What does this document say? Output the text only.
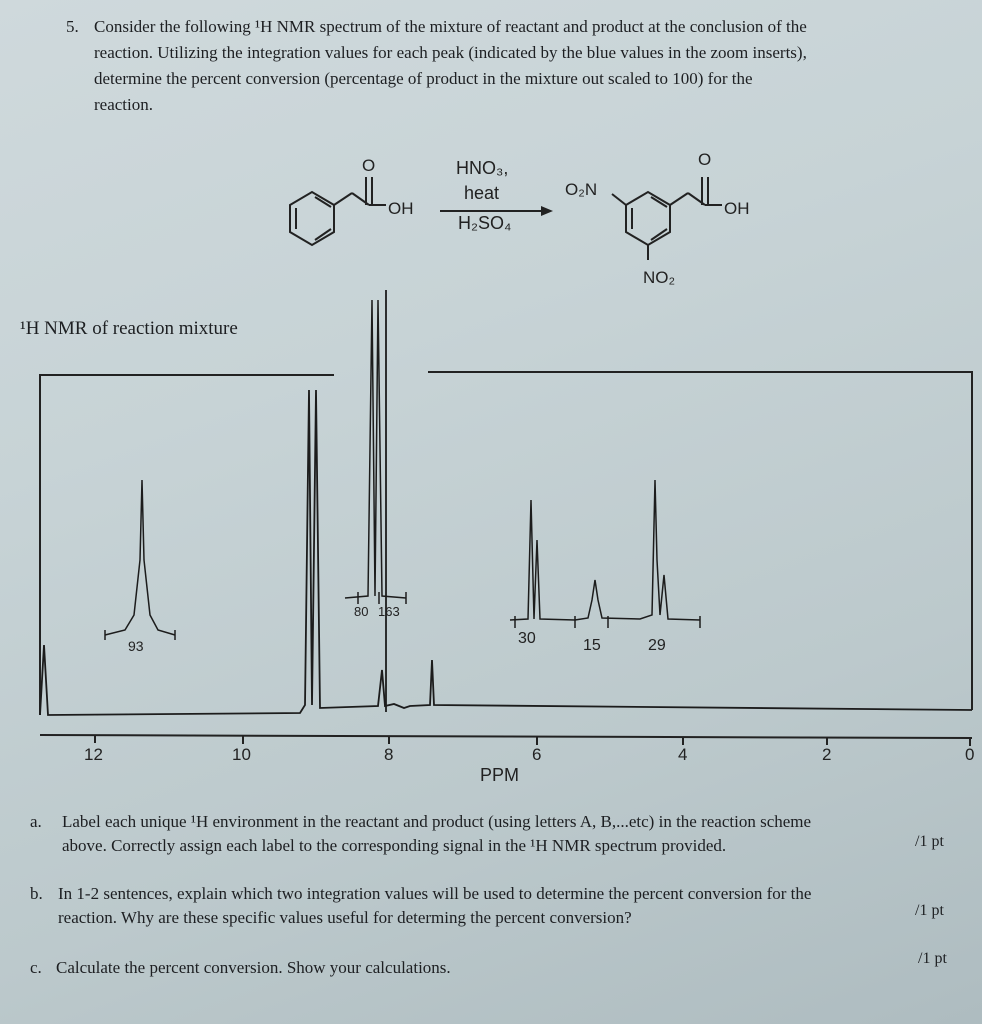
5. Consider the following ¹H NMR spectrum of the mixture of reactant and product at the conclusion of the
reaction. Utilizing the integration values for each peak (indicated by the blue values in the zoom inserts),
determine the percent conversion (percentage of product in the mixture out scaled to 100) for the
reaction.
O
OH
HNO₃,
heat
H₂SO₄
O
OH
O₂N
NO₂
93
80 163
30	15	29
12	10	8	6	4	2	0
PPM
¹H NMR of reaction mixture
a. Label each unique ¹H environment in the reactant and product (using letters A, B,...etc) in the reaction scheme
above. Correctly assign each label to the corresponding signal in the ¹H NMR spectrum provided.	/1 pt
b. In 1-2 sentences, explain which two integration values will be used to determine the percent conversion for the
reaction. Why are these specific values useful for determing the percent conversion?	/1 pt
c. Calculate the percent conversion. Show your calculations.	/1 pt
